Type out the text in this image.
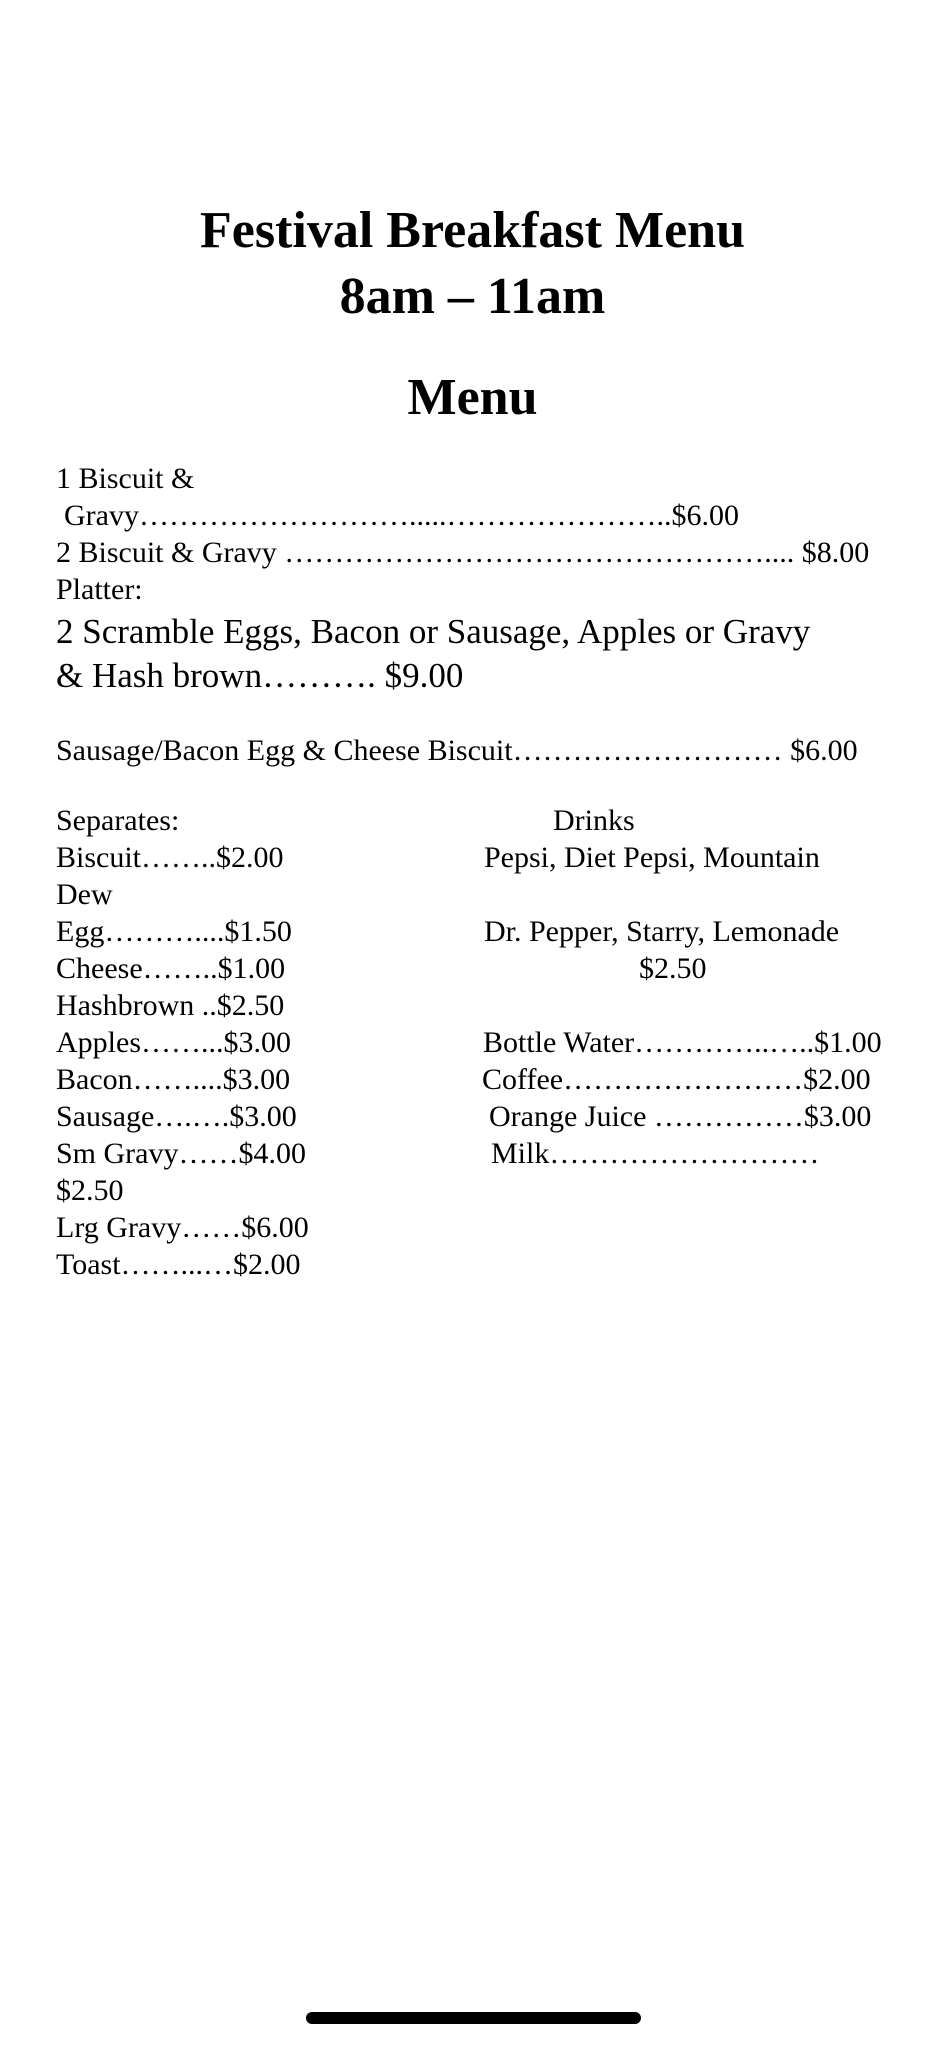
Festival Breakfast Menu
8am – 11am
Menu
1 Biscuit &
Gravy……………………….....…………………..$6.00
2 Biscuit & Gravy ………………………………………….... $8.00
Platter:
2 Scramble Eggs, Bacon or Sausage, Apples or Gravy
& Hash brown………. $9.00
Sausage/Bacon Egg & Cheese Biscuit……………………… $6.00
Separates:
Biscuit……..$2.00
Dew
Egg………....$1.50
Cheese……..$1.00
Hashbrown ..$2.50
Apples……...$3.00
Bacon……....$3.00
Sausage….….$3.00
Sm Gravy……$4.00
$2.50
Lrg Gravy……$6.00
Toast……...…$2.00
Drinks
Pepsi, Diet Pepsi, Mountain
Dr. Pepper, Starry, Lemonade
$2.50
Bottle Water…………..…..$1.00
Coffee……………………$2.00
Orange Juice ……………$3.00
Milk………………………
